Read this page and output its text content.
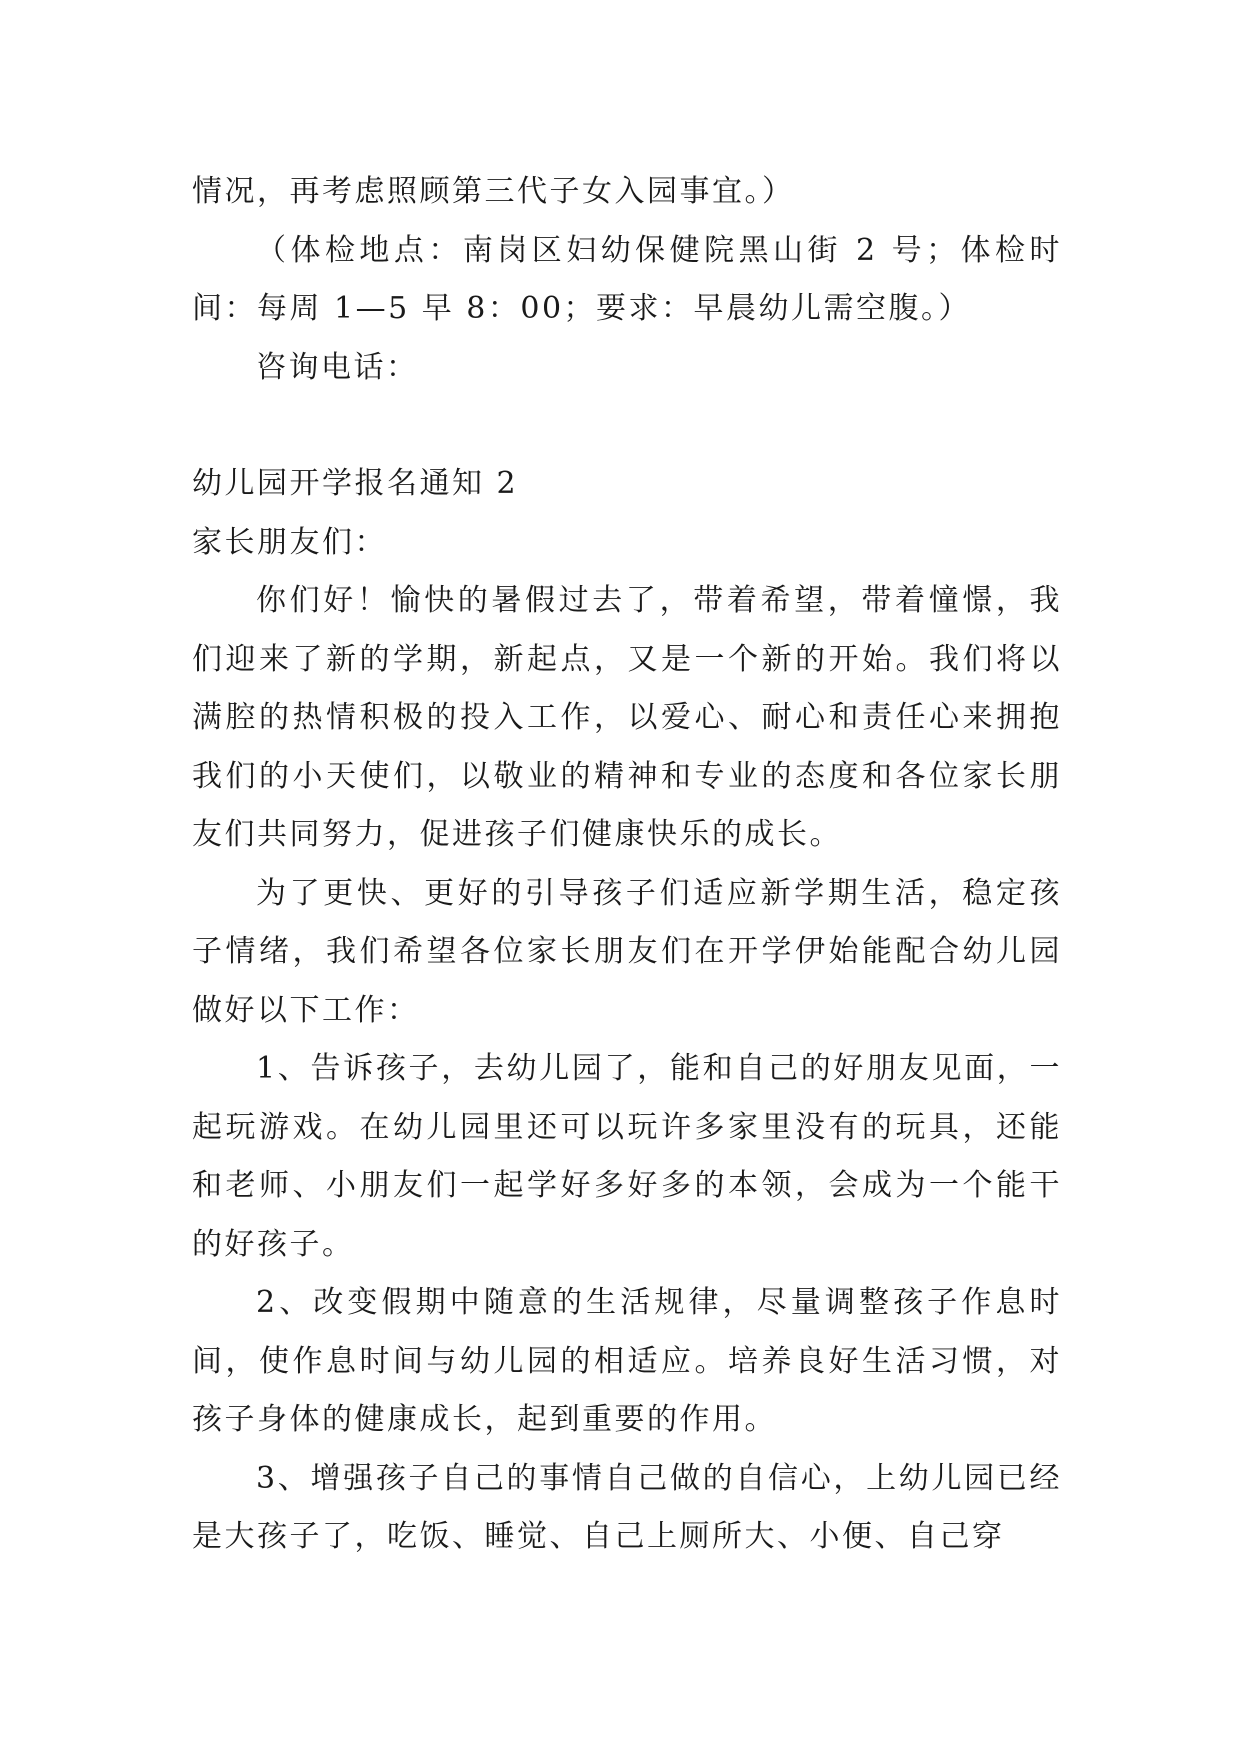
情况，再考虑照顾第三代子女入园事宜。）

（体检地点：南岗区妇幼保健院黑山街 2 号；体检时间：每周 1—5 早 8：00；要求：早晨幼儿需空腹。）

咨询电话：

幼儿园开学报名通知 2

家长朋友们：

你们好！愉快的暑假过去了，带着希望，带着憧憬，我们迎来了新的学期，新起点，又是一个新的开始。我们将以满腔的热情积极的投入工作，以爱心、耐心和责任心来拥抱我们的小天使们，以敬业的精神和专业的态度和各位家长朋友们共同努力，促进孩子们健康快乐的成长。

为了更快、更好的引导孩子们适应新学期生活，稳定孩子情绪，我们希望各位家长朋友们在开学伊始能配合幼儿园做好以下工作：

1、告诉孩子，去幼儿园了，能和自己的好朋友见面，一起玩游戏。在幼儿园里还可以玩许多家里没有的玩具，还能和老师、小朋友们一起学好多好多的本领，会成为一个能干的好孩子。

2、改变假期中随意的生活规律，尽量调整孩子作息时间，使作息时间与幼儿园的相适应。培养良好生活习惯，对孩子身体的健康成长，起到重要的作用。

3、增强孩子自己的事情自己做的自信心，上幼儿园已经是大孩子了，吃饭、睡觉、自己上厕所大、小便、自己穿
